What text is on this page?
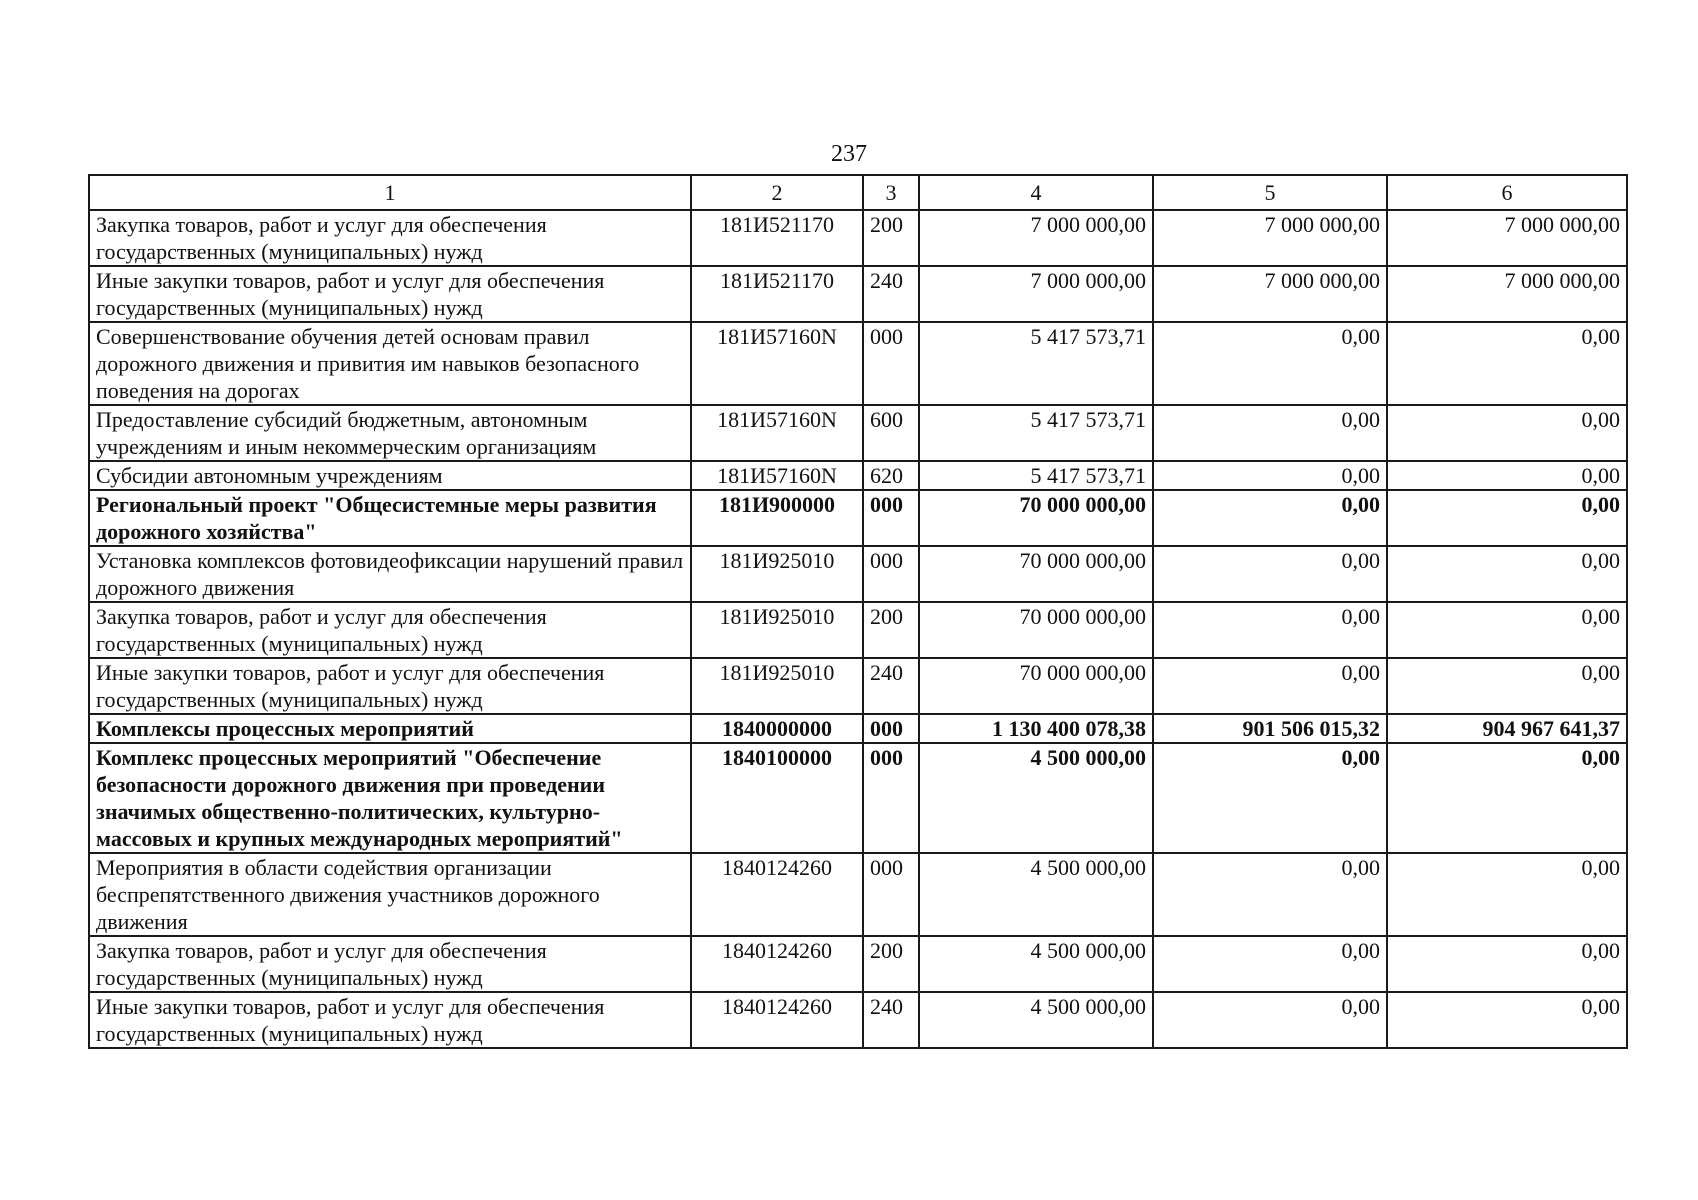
237
1	2	3	4	5	6
Закупка товаров, работ и услуг для обеспечения государственных (муниципальных) нужд	181И521170	200	7 000 000,00	7 000 000,00	7 000 000,00
Иные закупки товаров, работ и услуг для обеспечения государственных (муниципальных) нужд	181И521170	240	7 000 000,00	7 000 000,00	7 000 000,00
Совершенствование обучения детей основам правил дорожного движения и привития им навыков безопасного поведения на дорогах	181И57160N	000	5 417 573,71	0,00	0,00
Предоставление субсидий бюджетным, автономным учреждениям и иным некоммерческим организациям	181И57160N	600	5 417 573,71	0,00	0,00
Субсидии автономным учреждениям	181И57160N	620	5 417 573,71	0,00	0,00
Региональный проект "Общесистемные меры развития дорожного хозяйства"	181И900000	000	70 000 000,00	0,00	0,00
Установка комплексов фотовидеофиксации нарушений правил дорожного движения	181И925010	000	70 000 000,00	0,00	0,00
Закупка товаров, работ и услуг для обеспечения государственных (муниципальных) нужд	181И925010	200	70 000 000,00	0,00	0,00
Иные закупки товаров, работ и услуг для обеспечения государственных (муниципальных) нужд	181И925010	240	70 000 000,00	0,00	0,00
Комплексы процессных мероприятий	1840000000	000	1 130 400 078,38	901 506 015,32	904 967 641,37
Комплекс процессных мероприятий "Обеспечение безопасности дорожного движения при проведении значимых общественно-политических, культурно-массовых и крупных международных мероприятий"	1840100000	000	4 500 000,00	0,00	0,00
Мероприятия в области содействия организации беспрепятственного движения участников дорожного движения	1840124260	000	4 500 000,00	0,00	0,00
Закупка товаров, работ и услуг для обеспечения государственных (муниципальных) нужд	1840124260	200	4 500 000,00	0,00	0,00
Иные закупки товаров, работ и услуг для обеспечения государственных (муниципальных) нужд	1840124260	240	4 500 000,00	0,00	0,00
